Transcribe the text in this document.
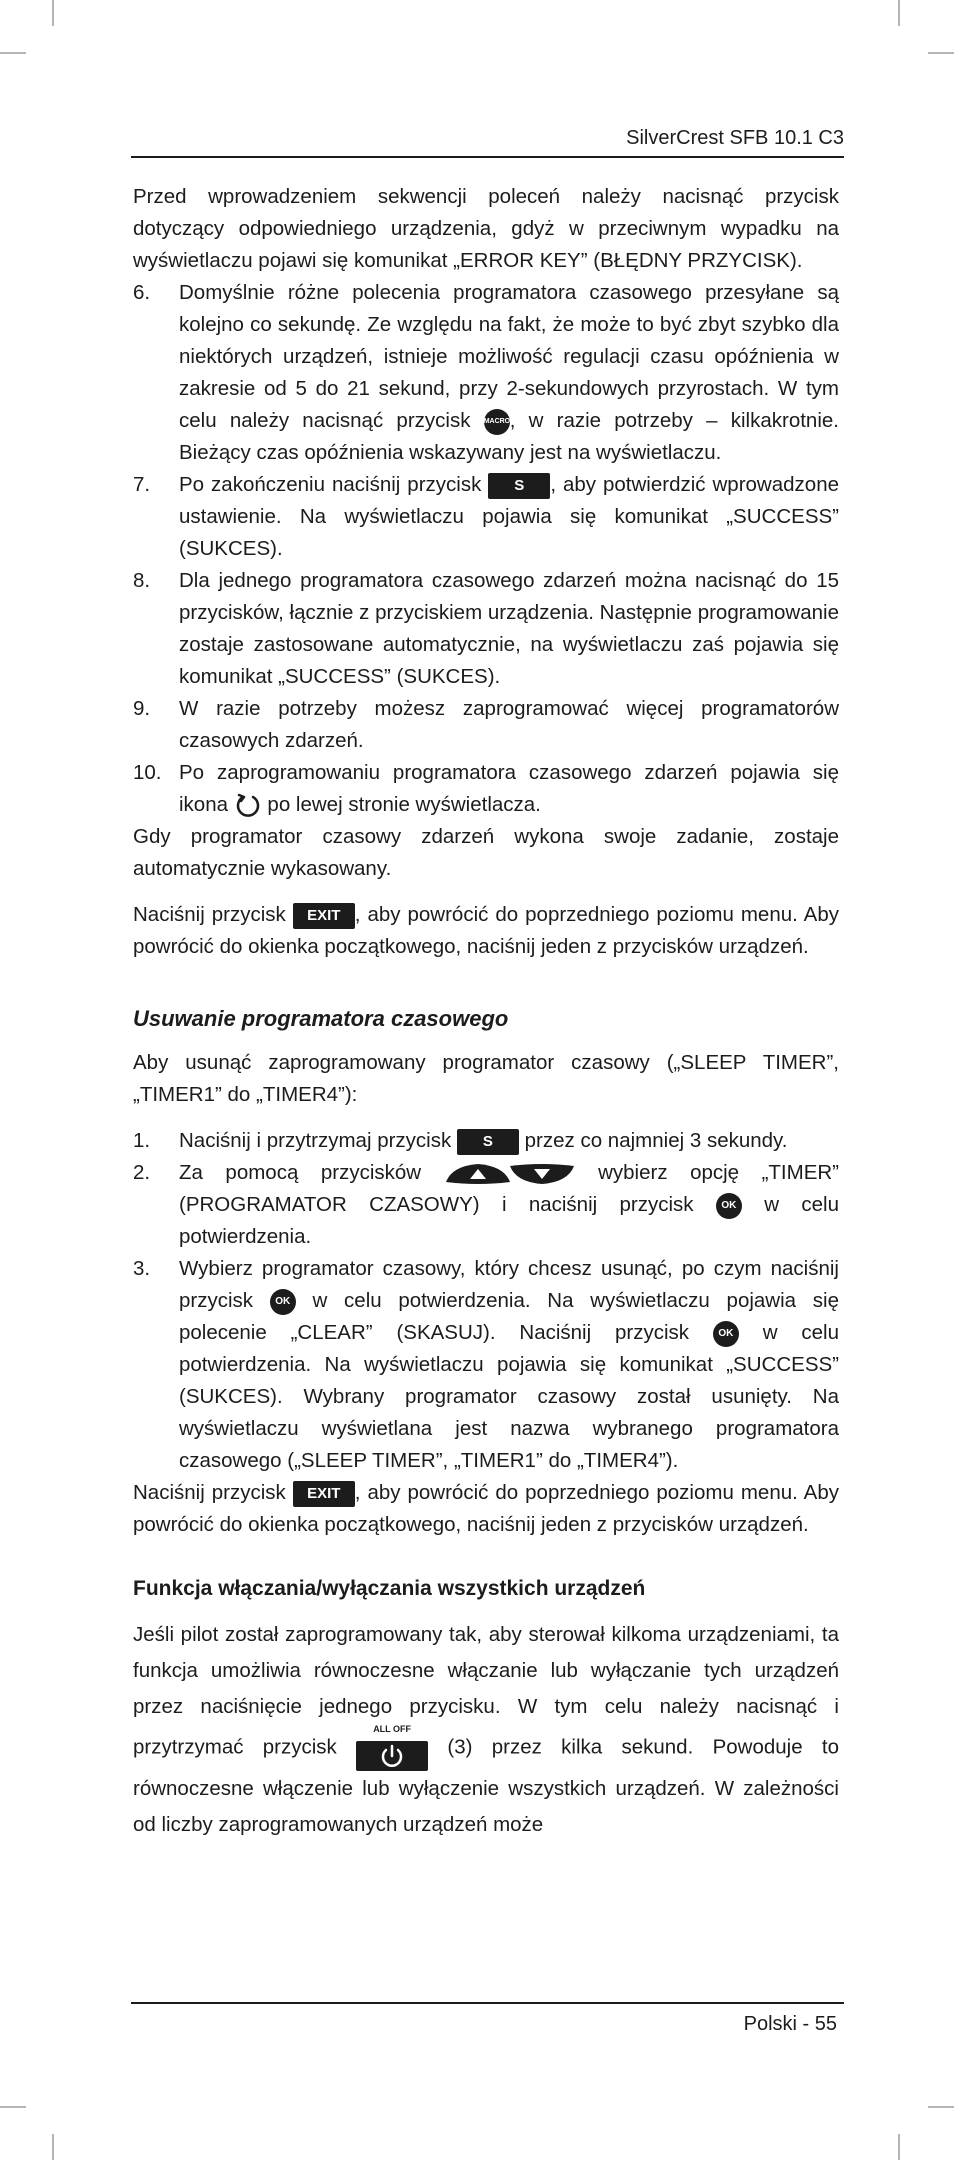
SilverCrest SFB 10.1 C3

Przed wprowadzeniem sekwencji poleceń należy nacisnąć przycisk dotyczący odpowiedniego urządzenia, gdyż w przeciwnym wypadku na wyświetlaczu pojawi się komunikat „ERROR KEY” (BŁĘDNY PRZYCISK).

6. Domyślnie różne polecenia programatora czasowego przesyłane są kolejno co sekundę. Ze względu na fakt, że może to być zbyt szybko dla niektórych urządzeń, istnieje możliwość regulacji czasu opóźnienia w zakresie od 5 do 21 sekund, przy 2-sekundowych przyrostach. W tym celu należy nacisnąć przycisk MACRO, w razie potrzeby – kilkakrotnie. Bieżący czas opóźnienia wskazywany jest na wyświetlaczu.
7. Po zakończeniu naciśnij przycisk S , aby potwierdzić wprowadzone ustawienie. Na wyświetlaczu pojawia się komunikat „SUCCESS” (SUKCES).
8. Dla jednego programatora czasowego zdarzeń można nacisnąć do 15 przycisków, łącznie z przyciskiem urządzenia. Następnie programowanie zostaje zastosowane automatycznie, na wyświetlaczu zaś pojawia się komunikat „SUCCESS” (SUKCES).
9. W razie potrzeby możesz zaprogramować więcej programatorów czasowych zdarzeń.
10. Po zaprogramowaniu programatora czasowego zdarzeń pojawia się ikona po lewej stronie wyświetlacza.

Gdy programator czasowy zdarzeń wykona swoje zadanie, zostaje automatycznie wykasowany.

Naciśnij przycisk EXIT , aby powrócić do poprzedniego poziomu menu. Aby powrócić do okienka początkowego, naciśnij jeden z przycisków urządzeń.

Usuwanie programatora czasowego

Aby usunąć zaprogramowany programator czasowy („SLEEP TIMER”, „TIMER1” do „TIMER4”):

1. Naciśnij i przytrzymaj przycisk S przez co najmniej 3 sekundy.
2. Za pomocą przycisków	wybierz opcję „TIMER” (PROGRAMATOR CZASOWY) i naciśnij przycisk	OK w celu potwierdzenia.
3. Wybierz programator czasowy, który chcesz usunąć, po czym naciśnij przycisk OK w celu potwierdzenia. Na wyświetlaczu pojawia się polecenie „CLEAR” (SKASUJ). Naciśnij przycisk	OK w celu potwierdzenia. Na wyświetlaczu pojawia się komunikat „SUCCESS” (SUKCES). Wybrany programator czasowy został usunięty. Na wyświetlaczu wyświetlana jest nazwa wybranego programatora czasowego („SLEEP TIMER”, „TIMER1” do „TIMER4”).

Naciśnij przycisk EXIT , aby powrócić do poprzedniego poziomu menu. Aby powrócić do okienka początkowego, naciśnij jeden z przycisków urządzeń.

Funkcja włączania/wyłączania wszystkich urządzeń

Jeśli pilot został zaprogramowany tak, aby sterował kilkoma urządzeniami, ta funkcja umożliwia równoczesne włączanie lub wyłączanie tych urządzeń przez naciśnięcie jednego przycisku. W tym celu należy nacisnąć i przytrzymać przycisk
ALL OFF
(3) przez kilka sekund. Powoduje to równoczesne włączenie lub wyłączenie wszystkich urządzeń. W zależności od liczby zaprogramowanych urządzeń może

Polski - 55
